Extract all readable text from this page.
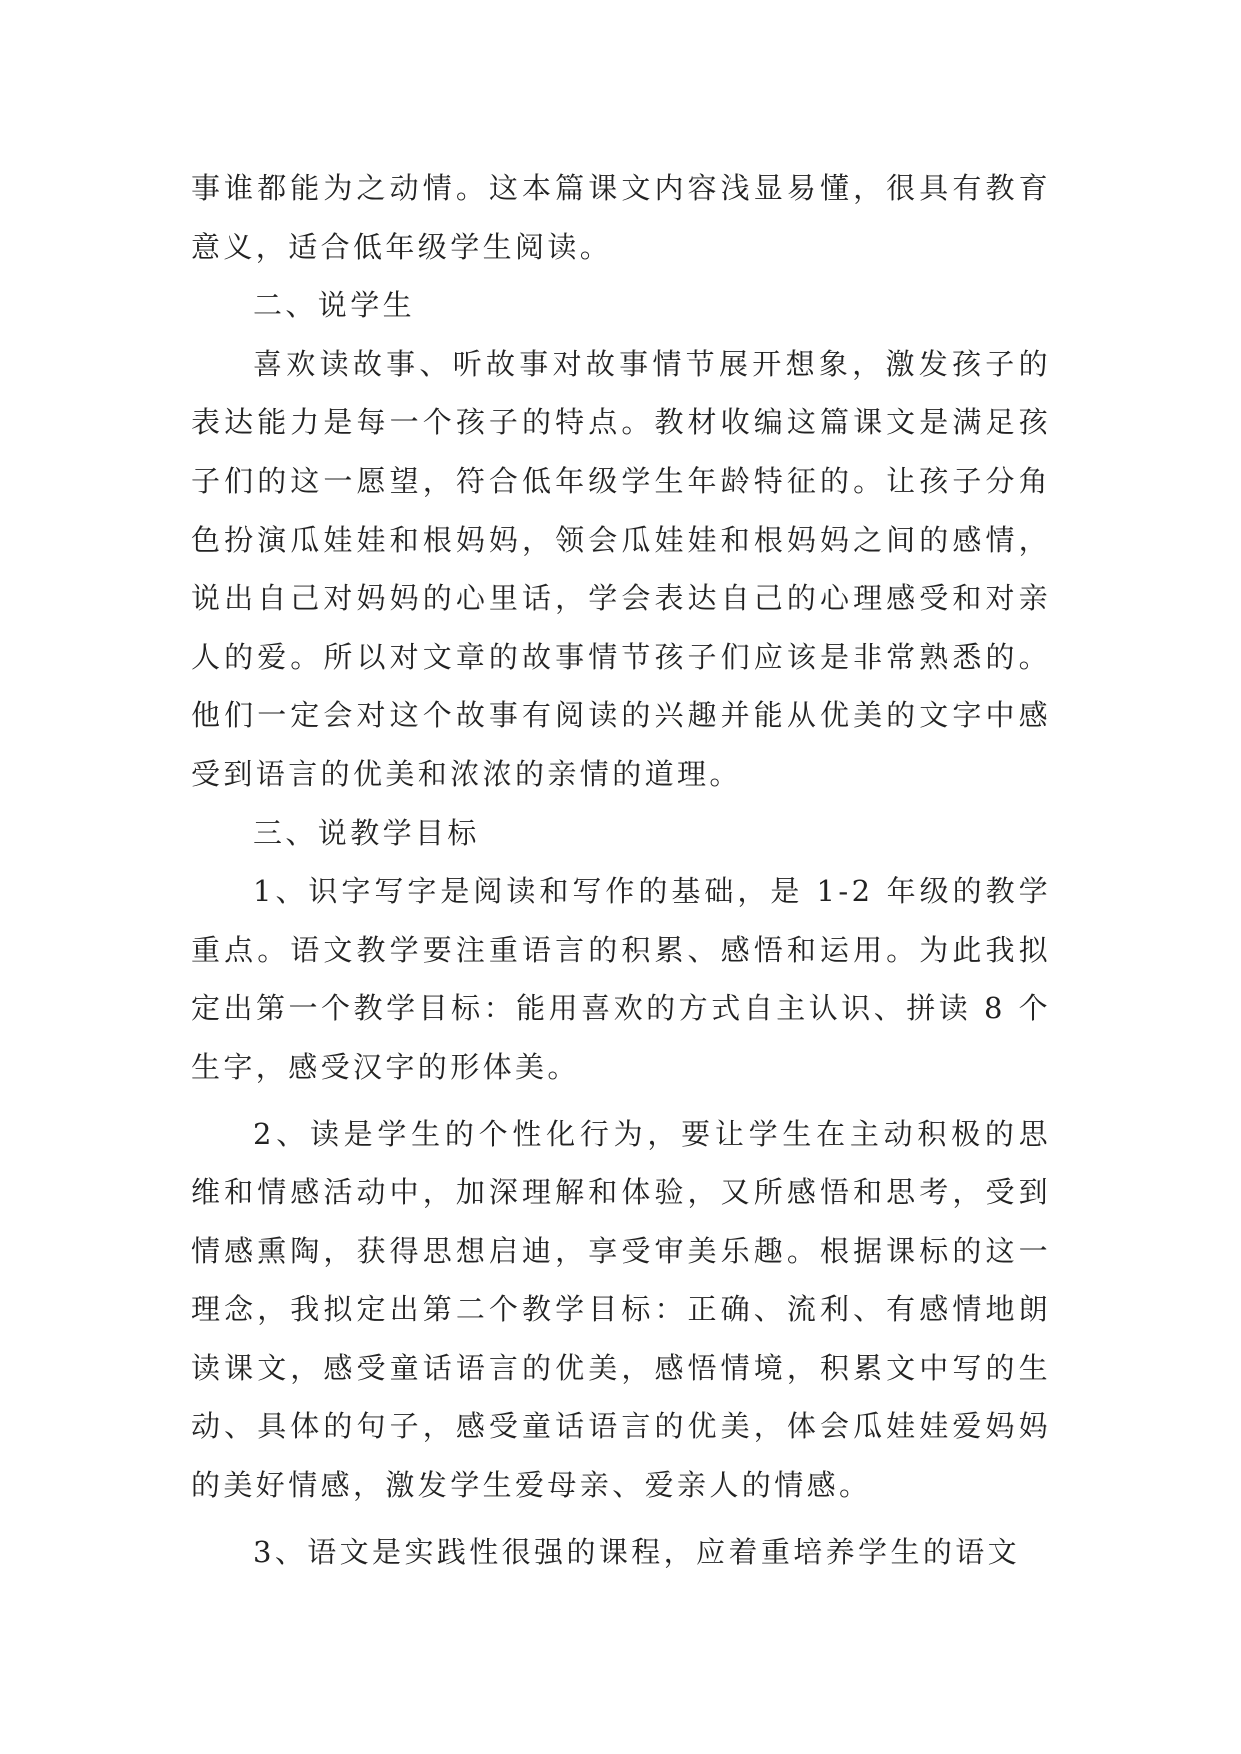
事谁都能为之动情。这本篇课文内容浅显易懂，很具有教育意义，适合低年级学生阅读。

二、说学生

喜欢读故事、听故事对故事情节展开想象，激发孩子的表达能力是每一个孩子的特点。教材收编这篇课文是满足孩子们的这一愿望，符合低年级学生年龄特征的。让孩子分角色扮演瓜娃娃和根妈妈，领会瓜娃娃和根妈妈之间的感情，说出自己对妈妈的心里话，学会表达自己的心理感受和对亲人的爱。所以对文章的故事情节孩子们应该是非常熟悉的。他们一定会对这个故事有阅读的兴趣并能从优美的文字中感受到语言的优美和浓浓的亲情的道理。

三、说教学目标

1、识字写字是阅读和写作的基础，是 1-2 年级的教学重点。语文教学要注重语言的积累、感悟和运用。为此我拟定出第一个教学目标：能用喜欢的方式自主认识、拼读 8 个生字，感受汉字的形体美。

2、读是学生的个性化行为，要让学生在主动积极的思维和情感活动中，加深理解和体验，又所感悟和思考，受到情感熏陶，获得思想启迪，享受审美乐趣。根据课标的这一理念，我拟定出第二个教学目标：正确、流利、有感情地朗读课文，感受童话语言的优美，感悟情境，积累文中写的生动、具体的句子，感受童话语言的优美，体会瓜娃娃爱妈妈的美好情感，激发学生爱母亲、爱亲人的情感。

3、语文是实践性很强的课程，应着重培养学生的语文
